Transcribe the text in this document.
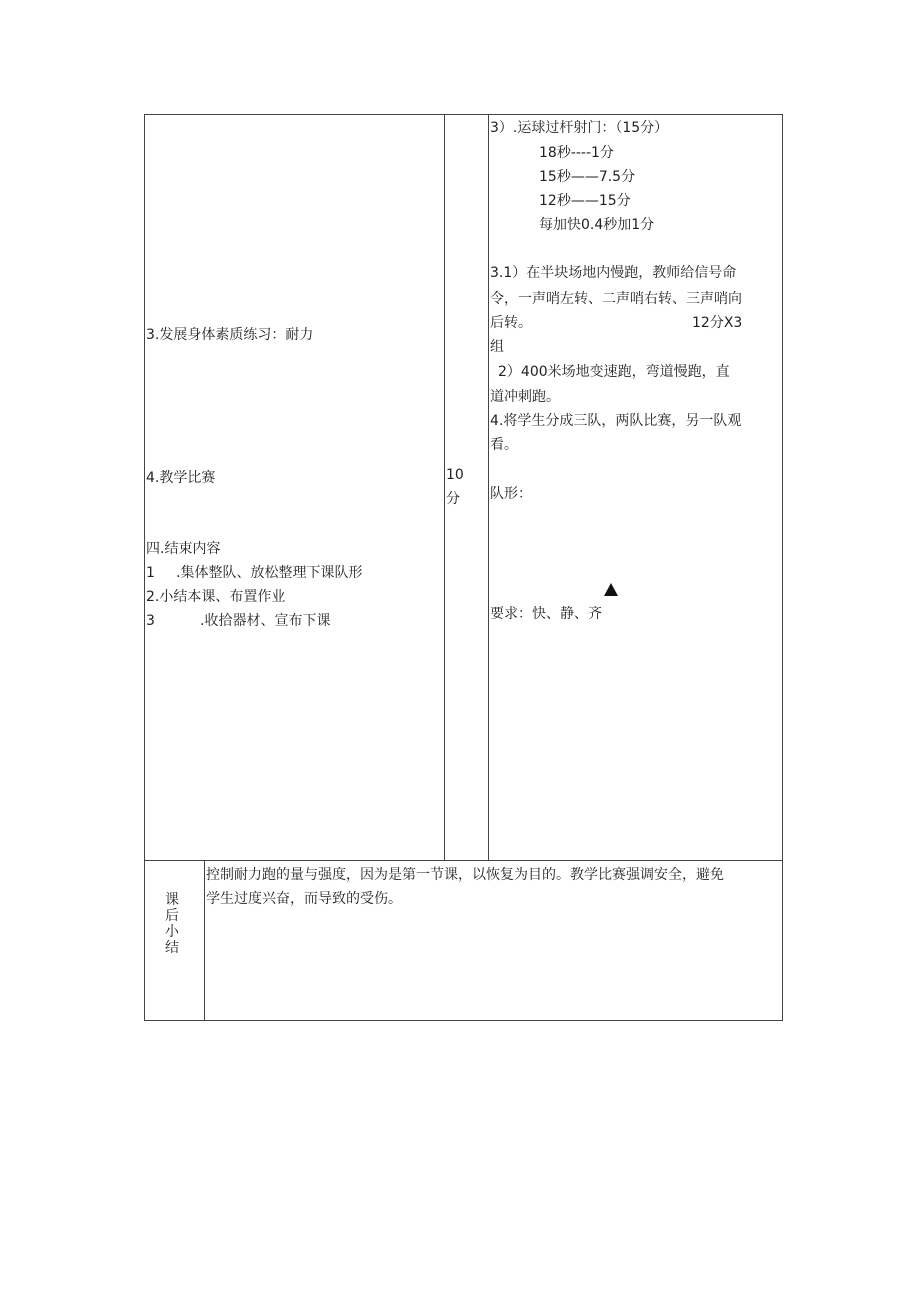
3.发展身体素质练习：耐力
4.教学比赛
四.结束内容
1 .集体整队、放松整理下课队形
2.小结本课、布置作业
3	.收拾器材、宣布下课
10
分
3）.运球过杆射门：（15分）
18秒----1分
15秒——7.5分
12秒——15分
每加快0.4秒加1分
3.1）在半块场地内慢跑，教师给信号命
令，一声哨左转、二声哨右转、三声哨向
后转。	12分X3
组
2）400米场地变速跑，弯道慢跑，直
道冲刺跑。
4.将学生分成三队，两队比赛，另一队观
看。
队形：
要求：快、静、齐
课
后
小
结
控制耐力跑的量与强度，因为是第一节课，以恢复为目的。教学比赛强调安全，避免
学生过度兴奋，而导致的受伤。
